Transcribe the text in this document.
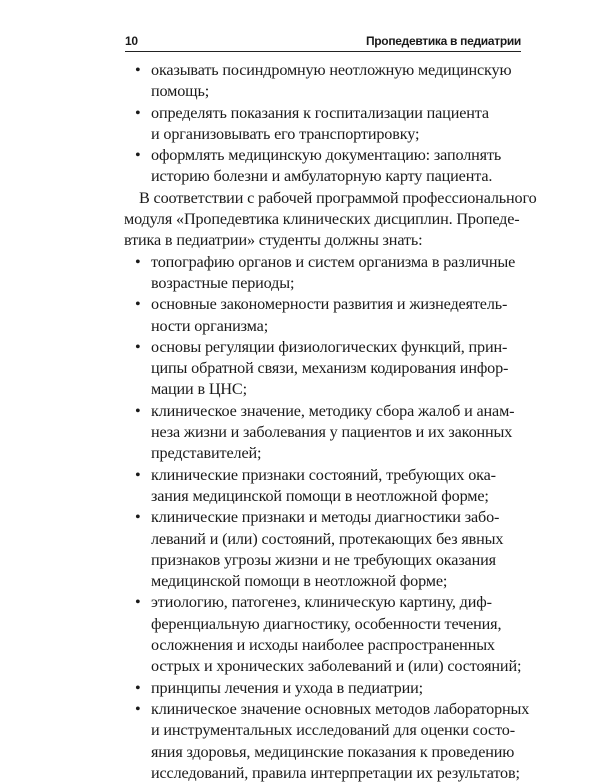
10	Пропедевтика в педиатрии
• оказывать посиндромную неотложную медицинскую
помощь;
• определять показания к госпитализации пациента
и организовывать его транспортировку;
• оформлять медицинскую документацию: заполнять
историю болезни и амбулаторную карту пациента.
В соответствии с рабочей программой профессионального
модуля «Пропедевтика клинических дисциплин. Пропеде-
втика в педиатрии» студенты должны знать:
• топографию органов и систем организма в различные
возрастные периоды;
• основные закономерности развития и жизнедеятель-
ности организма;
• основы регуляции физиологических функций, прин-
ципы обратной связи, механизм кодирования инфор-
мации в ЦНС;
• клиническое значение, методику сбора жалоб и анам-
неза жизни и заболевания у пациентов и их законных
представителей;
• клинические признаки состояний, требующих ока-
зания медицинской помощи в неотложной форме;
• клинические признаки и методы диагностики забо-
леваний и (или) состояний, протекающих без явных
признаков угрозы жизни и не требующих оказания
медицинской помощи в неотложной форме;
• этиологию, патогенез, клиническую картину, диф-
ференциальную диагностику, особенности течения,
осложнения и исходы наиболее распространенных
острых и хронических заболеваний и (или) состояний;
• принципы лечения и ухода в педиатрии;
• клиническое значение основных методов лабораторных
и инструментальных исследований для оценки состо-
яния здоровья, медицинские показания к проведению
исследований, правила интерпретации их результатов;
